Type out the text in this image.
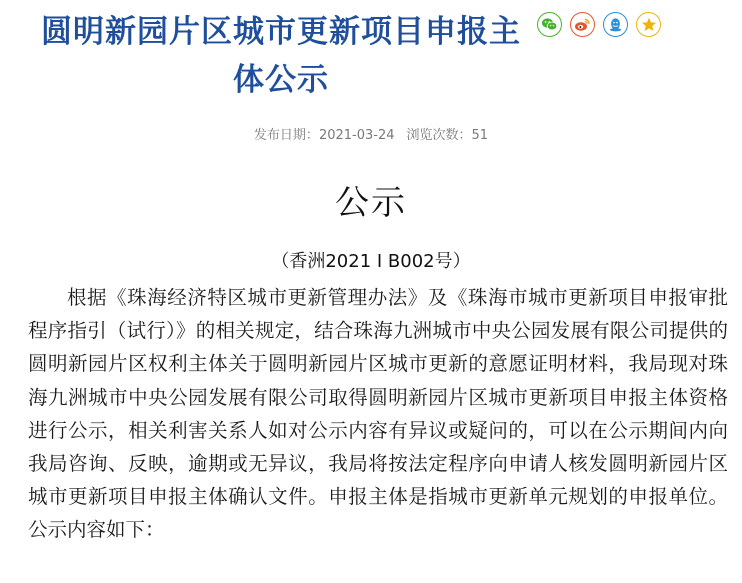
圆明新园片区城市更新项目申报主
体公示
发布日期：2021-03-24 浏览次数：51
公示
（香洲2021 I B002号）

根据《珠海经济特区城市更新管理办法》及《珠海市城市更新项目申报审批程序指引（试行）》的相关规定，结合珠海九洲城市中央公园发展有限公司提供的圆明新园片区权利主体关于圆明新园片区城市更新的意愿证明材料，我局现对珠海九洲城市中央公园发展有限公司取得圆明新园片区城市更新项目申报主体资格进行公示，相关利害关系人如对公示内容有异议或疑问的，可以在公示期间内向我局咨询、反映，逾期或无异议，我局将按法定程序向申请人核发圆明新园片区城市更新项目申报主体确认文件。申报主体是指城市更新单元规划的申报单位。公示内容如下：
